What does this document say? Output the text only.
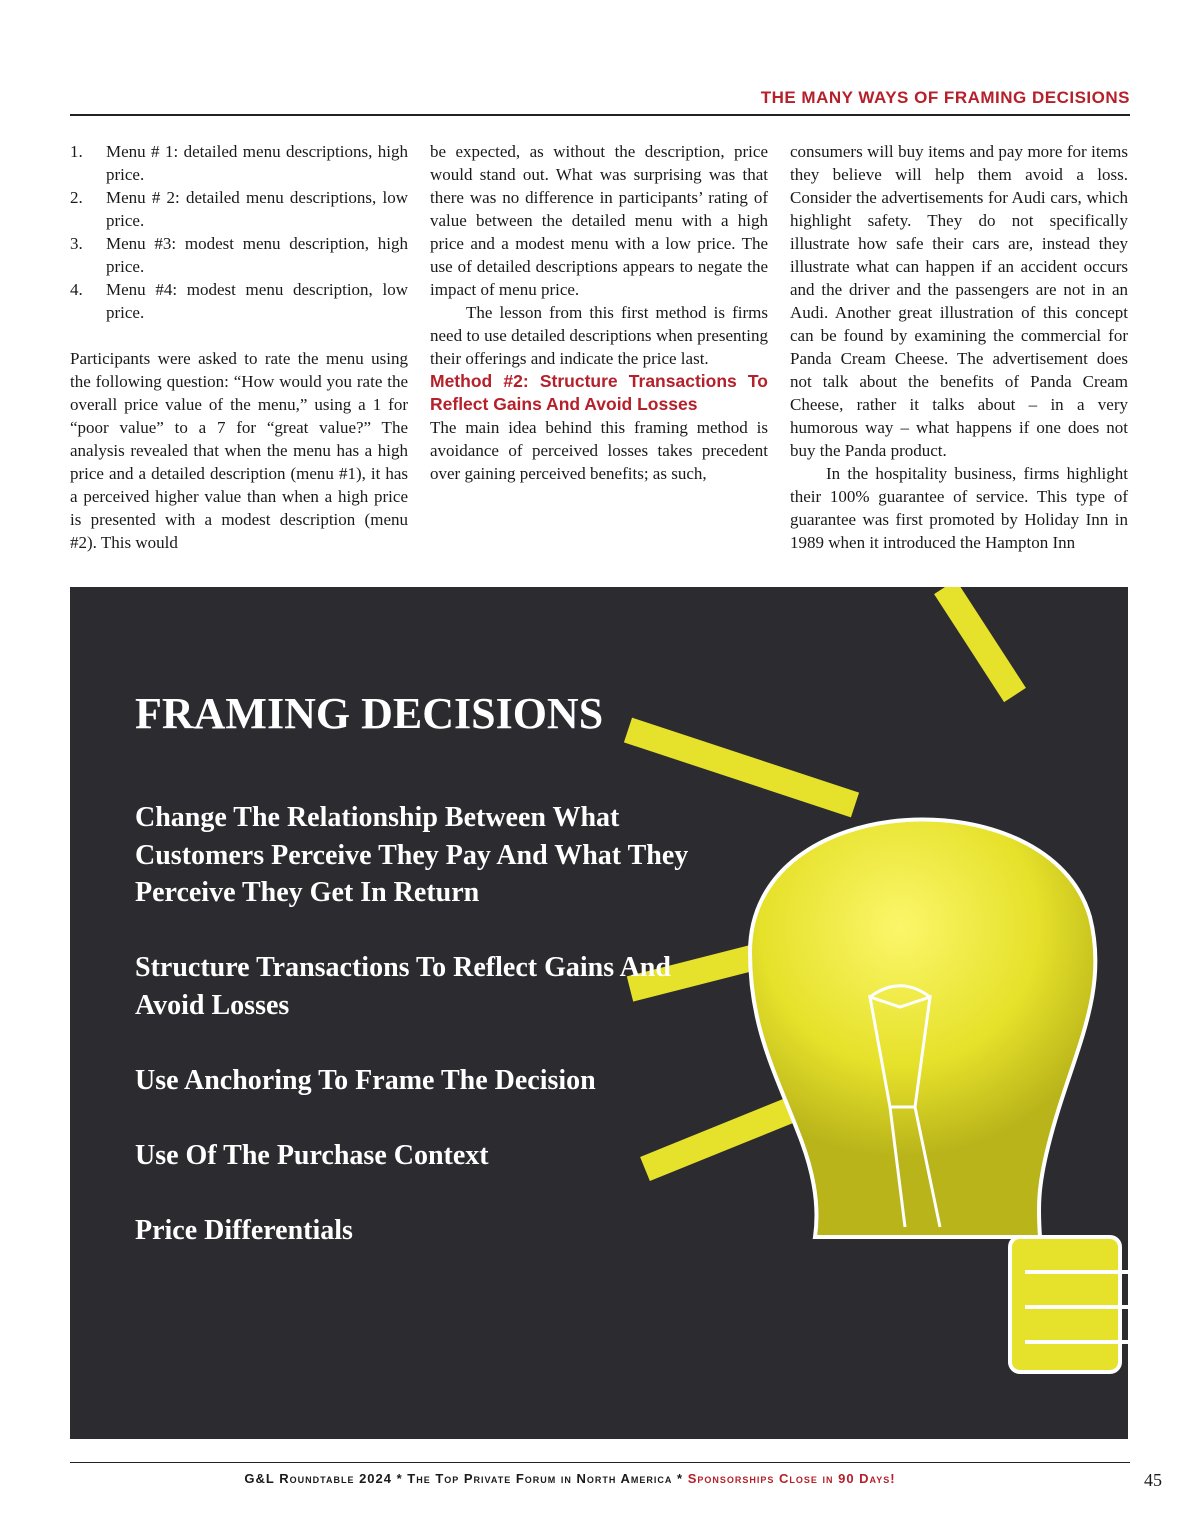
THE MANY WAYS OF FRAMING DECISIONS
1.	Menu # 1: detailed menu descriptions, high price.
2.	Menu # 2: detailed menu descriptions, low price.
3.	Menu #3: modest menu description, high price.
4.	Menu #4: modest menu description, low price.

Participants were asked to rate the menu using the following question: “How would you rate the overall price value of the menu,” using a 1 for “poor value” to a 7 for “great value?” The analysis revealed that when the menu has a high price and a detailed description (menu #1), it has a perceived higher value than when a high price is presented with a modest description (menu #2). This would

be expected, as without the description, price would stand out. What was surprising was that there was no difference in participants’ rating of value between the detailed menu with a high price and a modest menu with a low price. The use of detailed descriptions appears to negate the impact of menu price.

The lesson from this first method is firms need to use detailed descriptions when presenting their offerings and indicate the price last.

Method #2: Structure Transactions To Reflect Gains And Avoid Losses

The main idea behind this framing method is avoidance of perceived losses takes precedent over gaining perceived benefits; as such,

consumers will buy items and pay more for items they believe will help them avoid a loss. Consider the advertisements for Audi cars, which highlight safety. They do not specifically illustrate how safe their cars are, instead they illustrate what can happen if an accident occurs and the driver and the passengers are not in an Audi. Another great illustration of this concept can be found by examining the commercial for Panda Cream Cheese. The advertisement does not talk about the benefits of Panda Cream Cheese, rather it talks about – in a very humorous way – what happens if one does not buy the Panda product.

In the hospitality business, firms highlight their 100% guarantee of service. This type of guarantee was first promoted by Holiday Inn in 1989 when it introduced the Hampton Inn

FRAMING DECISIONS
Change The Relationship Between What Customers Perceive They Pay And What They Perceive They Get In Return
Structure Transactions To Reflect Gains And Avoid Losses
Use Anchoring To Frame The Decision
Use Of The Purchase Context
Price Differentials
G&L Roundtable 2024 * The Top Private Forum in North America * Sponsorships Close in 90 Days!	45
